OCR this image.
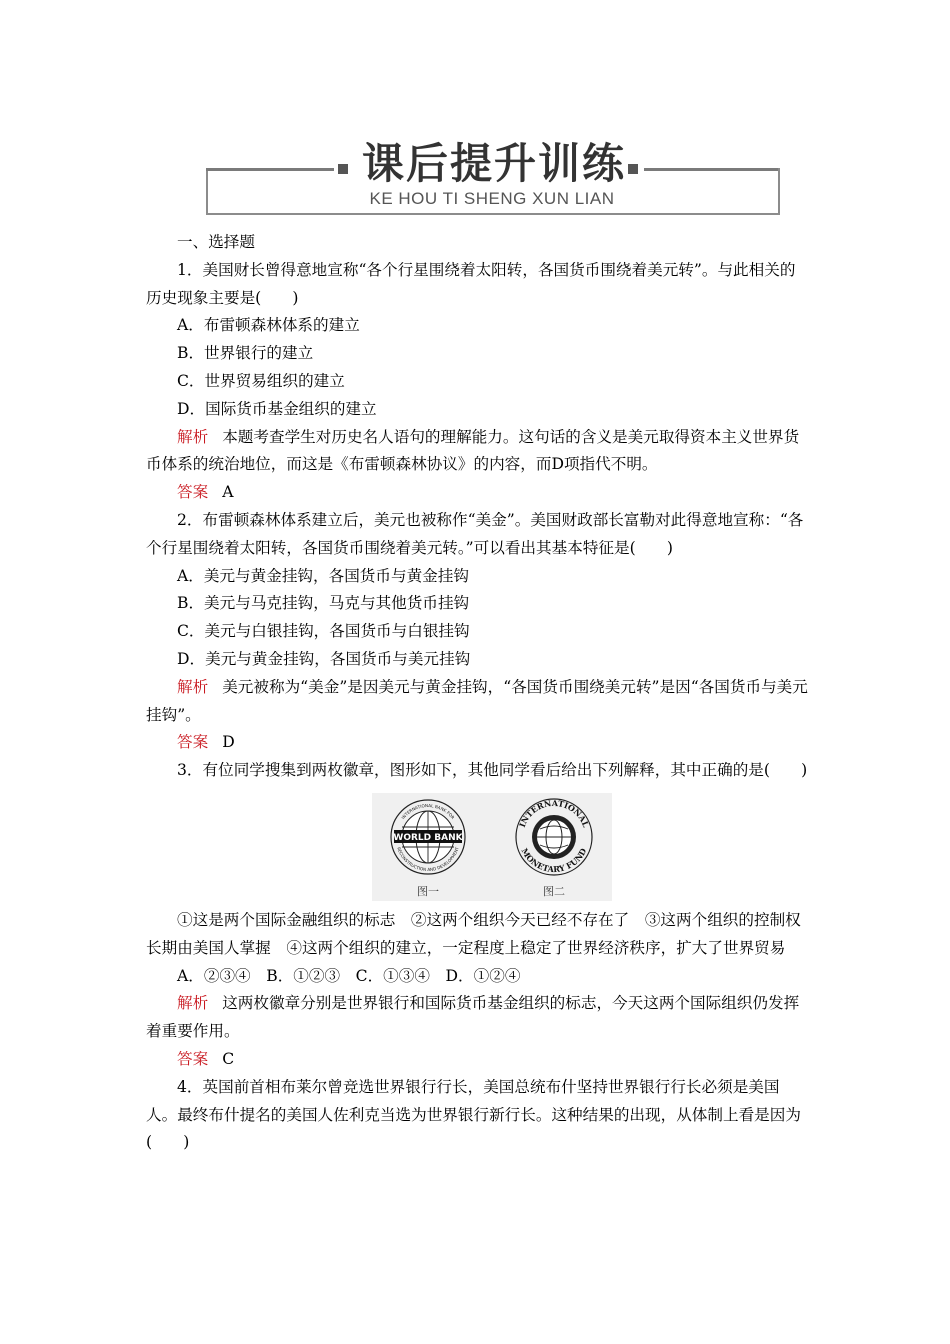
课后提升训练
KE HOU TI SHENG XUN LIAN

一、选择题

1．美国财长曾得意地宣称“各个行星围绕着太阳转，各国货币围绕着美元转”。与此相关的历史现象主要是(　　)

A．布雷顿森林体系的建立

B．世界银行的建立

C．世界贸易组织的建立

D．国际货币基金组织的建立

解析 本题考查学生对历史名人语句的理解能力。这句话的含义是美元取得资本主义世界货币体系的统治地位，而这是《布雷顿森林协议》的内容，而D项指代不明。

答案 A

2．布雷顿森林体系建立后，美元也被称作“美金”。美国财政部长富勒对此得意地宣称：“各个行星围绕着太阳转，各国货币围绕着美元转。”可以看出其基本特征是(　　)

A．美元与黄金挂钩，各国货币与黄金挂钩

B．美元与马克挂钩，马克与其他货币挂钩

C．美元与白银挂钩，各国货币与白银挂钩

D．美元与黄金挂钩，各国货币与美元挂钩

解析 美元被称为“美金”是因美元与黄金挂钩，“各国货币围绕美元转”是因“各国货币与美元挂钩”。

答案 D

3．有位同学搜集到两枚徽章，图形如下，其他同学看后给出下列解释，其中正确的是(　　)

WORLD BANK
INTERNATIONAL BANK FOR
RECONSTRUCTION AND DEVELOPMENT
图一
INTERNATIONAL
MONETARY FUND
图二

①这是两个国际金融组织的标志　②这两个组织今天已经不存在了　③这两个组织的控制权长期由美国人掌握　④这两个组织的建立，一定程度上稳定了世界经济秩序，扩大了世界贸易

A．②③④　B．①②③　C．①③④　D．①②④

解析 这两枚徽章分别是世界银行和国际货币基金组织的标志，今天这两个国际组织仍发挥着重要作用。

答案 C

4．英国前首相布莱尔曾竞选世界银行行长，美国总统布什坚持世界银行行长必须是美国人。最终布什提名的美国人佐利克当选为世界银行新行长。这种结果的出现，从体制上看是因为(　　)
